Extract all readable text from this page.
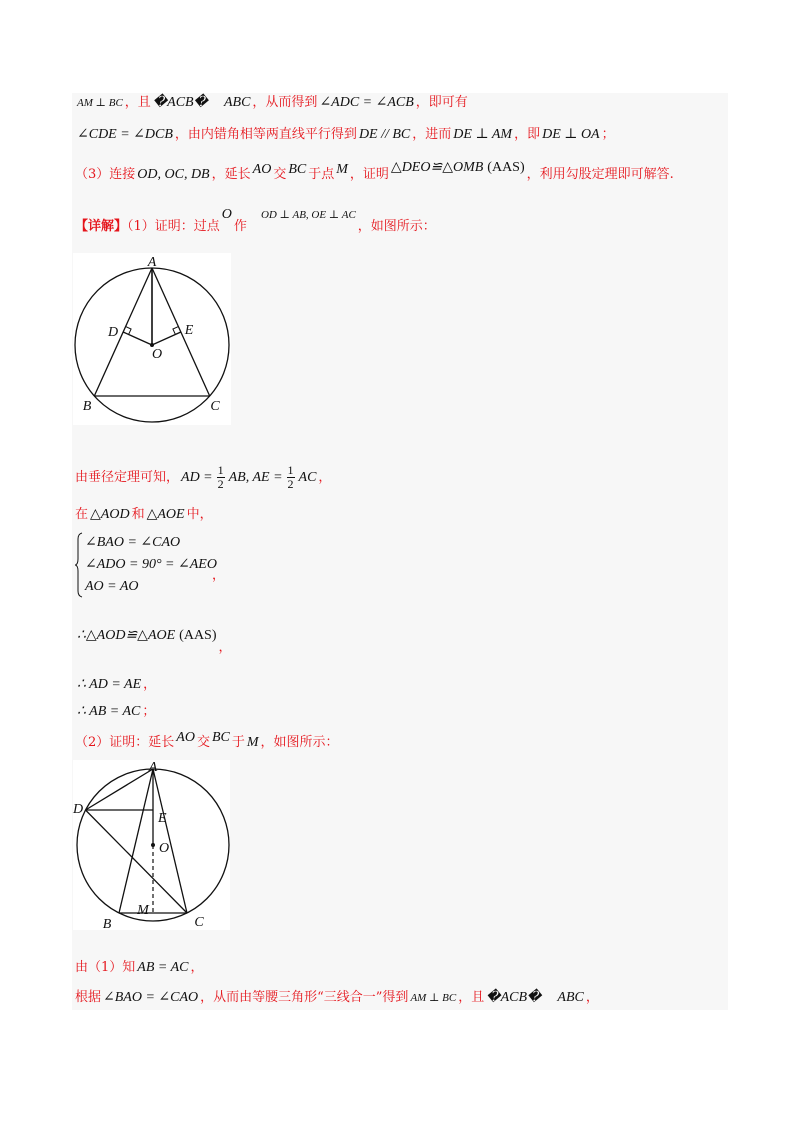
AM ⊥ BC ，且 �ACB� ABC ，从而得到 ∠ADC = ∠ACB ，即可有
∠CDE = ∠DCB ，由内错角相等两直线平行得到 DE // BC ，进而 DE ⊥ AM ，即 DE ⊥ OA ；
（3）连接 OD, OC, DB ，延长 AO 交 BC 于点 M ，证明 △DEO≌△OMB (AAS) ，利用勾股定理即可解答.
【详解】（1）证明：过点O作$^{OD \perp AB, OE \perp AC}$，如图所示：
A
B	C
D	E
O
由垂径定理可知， AD = $\frac{1}{2}$ AB, AE = $\frac{1}{2}$ AC ，
在 △AOD 和 △AOE 中，
∠BAO = ∠CAO
∠ADO = 90° = ∠AEO
AO = AO
，
∴△AOD≌△AOE (AAS)，
∴ AD = AE ，
∴ AB = AC ；
（2）证明：延长 AO 交 BC 于 M ，如图所示：
A
D
E
O
M
B	C
由（1）知 AB = AC ，
根据 ∠BAO = ∠CAO ，从而由等腰三角形“三线合一”得到 AM ⊥ BC ，且 �ACB� ABC ，
